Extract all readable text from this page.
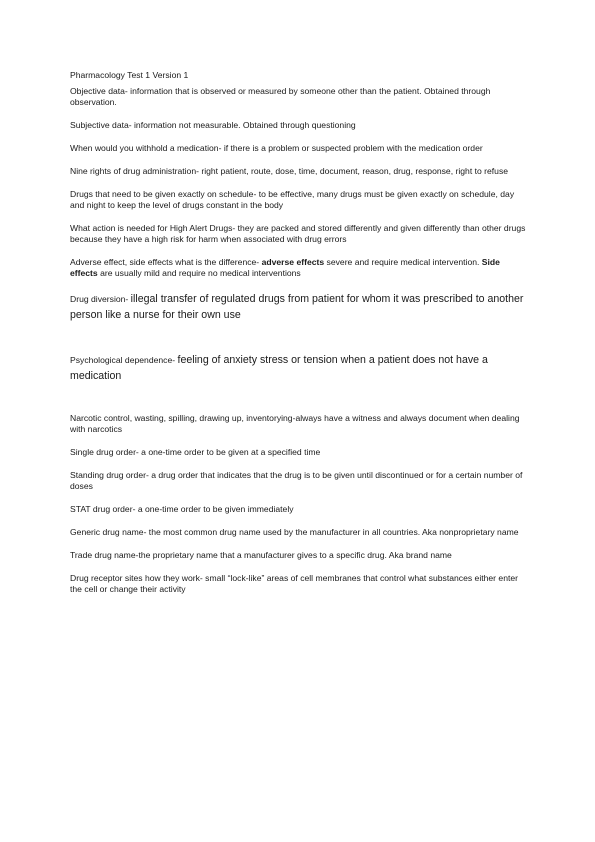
Pharmacology Test 1 Version 1
Objective data- information that is observed or measured by someone other than the patient. Obtained through observation.
Subjective data- information not measurable. Obtained through questioning
When would you withhold a medication- if there is a problem or suspected problem with the medication order
Nine rights of drug administration- right patient, route, dose, time, document, reason, drug, response, right to refuse
Drugs that need to be given exactly on schedule- to be effective, many drugs must be given exactly on schedule, day and night to keep the level of drugs constant in the body
What action is needed for High Alert Drugs- they are packed and stored differently and given differently than other drugs because they have a high risk for harm when associated with drug errors
Adverse effect, side effects what is the difference- adverse effects severe and require medical intervention. Side effects are usually mild and require no medical interventions
Drug diversion- illegal transfer of regulated drugs from patient for whom it was prescribed to another person like a nurse for their own use
Psychological dependence- feeling of anxiety stress or tension when a patient does not have a medication
Narcotic control, wasting, spilling, drawing up, inventorying-always have a witness and always document when dealing with narcotics
Single drug order- a one-time order to be given at a specified time
Standing drug order- a drug order that indicates that the drug is to be given until discontinued or for a certain number of doses
STAT drug order- a one-time order to be given immediately
Generic drug name- the most common drug name used by the manufacturer in all countries. Aka nonproprietary name
Trade drug name-the proprietary name that a manufacturer gives to a specific drug. Aka brand name
Drug receptor sites how they work- small “lock-like” areas of cell membranes that control what substances either enter the cell or change their activity
